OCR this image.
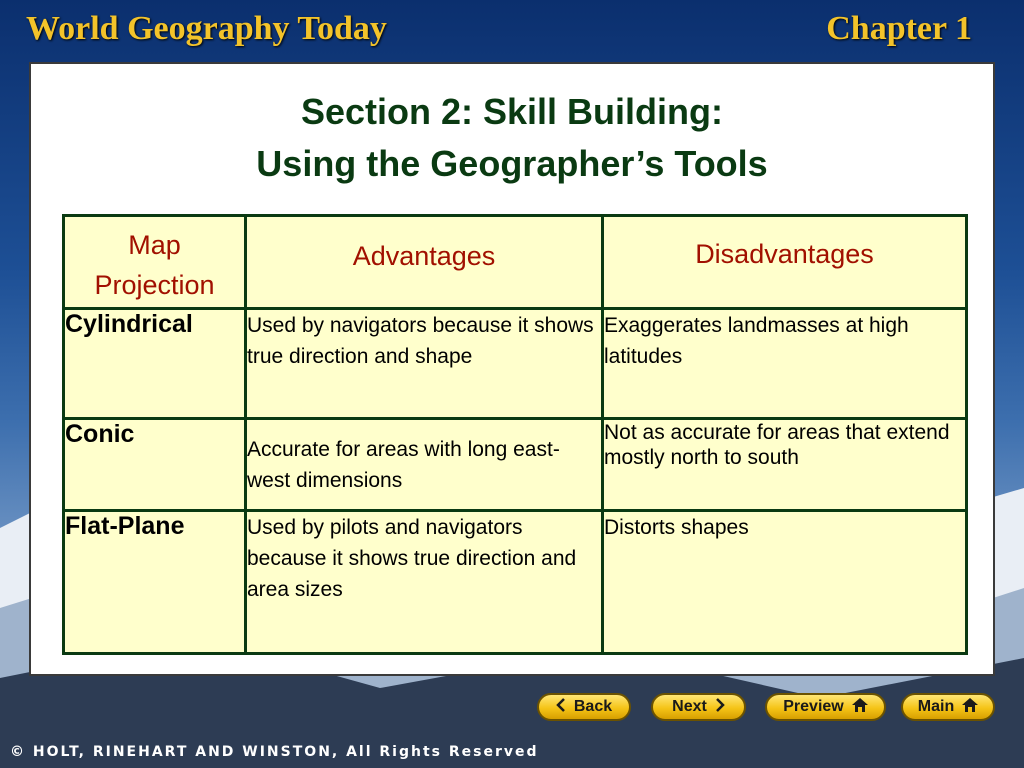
World Geography Today	Chapter 1
Section 2: Skill Building:
Using the Geographer’s Tools
Map
Projection	Advantages	Disadvantages

Cylindrical	Used by navigators because it shows true direction and shape	Exaggerates landmasses at high latitudes
Conic	Accurate for areas with long east-west dimensions	Not as accurate for areas that extend mostly north to south
Flat-Plane	Used by pilots and navigators because it shows true direction and area sizes	Distorts shapes
Back	Next	Preview	Main
© HOLT, RINEHART AND WINSTON, All Rights Reserved
